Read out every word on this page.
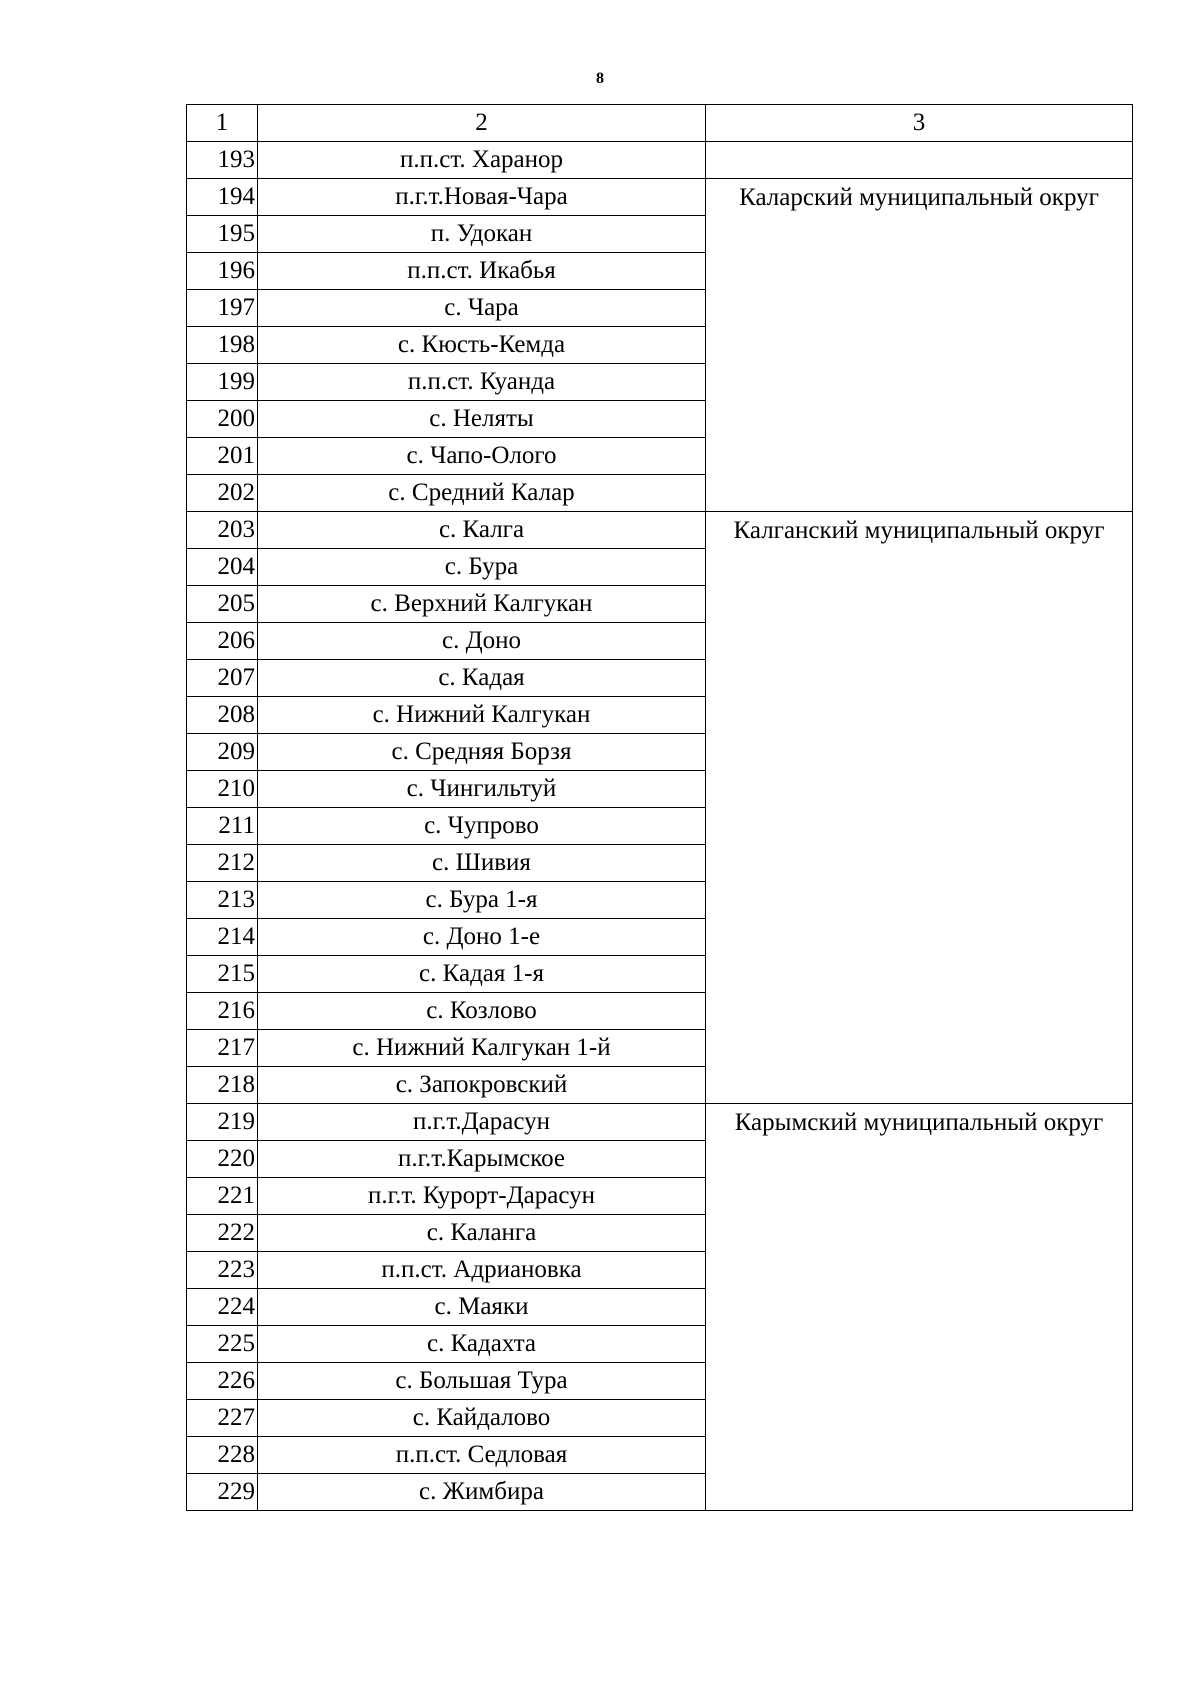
8
1	2	3
193	п.п.ст. Харанор	
194	п.г.т.Новая-Чара	Каларский муниципальный округ
195	п. Удокан	
196	п.п.ст. Икабья	
197	с. Чара	
198	с. Кюсть-Кемда	
199	п.п.ст. Куанда	
200	с. Неляты	
201	с. Чапо-Олого	
202	с. Средний Калар	
203	с. Калга	Калганский муниципальный округ
204	с. Бура	
205	с. Верхний Калгукан	
206	с. Доно	
207	с. Кадая	
208	с. Нижний Калгукан	
209	с. Средняя Борзя	
210	с. Чингильтуй	
211	с. Чупрово	
212	с. Шивия	
213	с. Бура 1-я	
214	с. Доно 1-е	
215	с. Кадая 1-я	
216	с. Козлово	
217	с. Нижний Калгукан 1-й	
218	с. Запокровский	
219	п.г.т.Дарасун	Карымский муниципальный округ
220	п.г.т.Карымское	
221	п.г.т. Курорт-Дарасун	
222	с. Каланга	
223	п.п.ст. Адриановка	
224	с. Маяки	
225	с. Кадахта	
226	с. Большая Тура	
227	с. Кайдалово	
228	п.п.ст. Седловая	
229	с. Жимбира	
